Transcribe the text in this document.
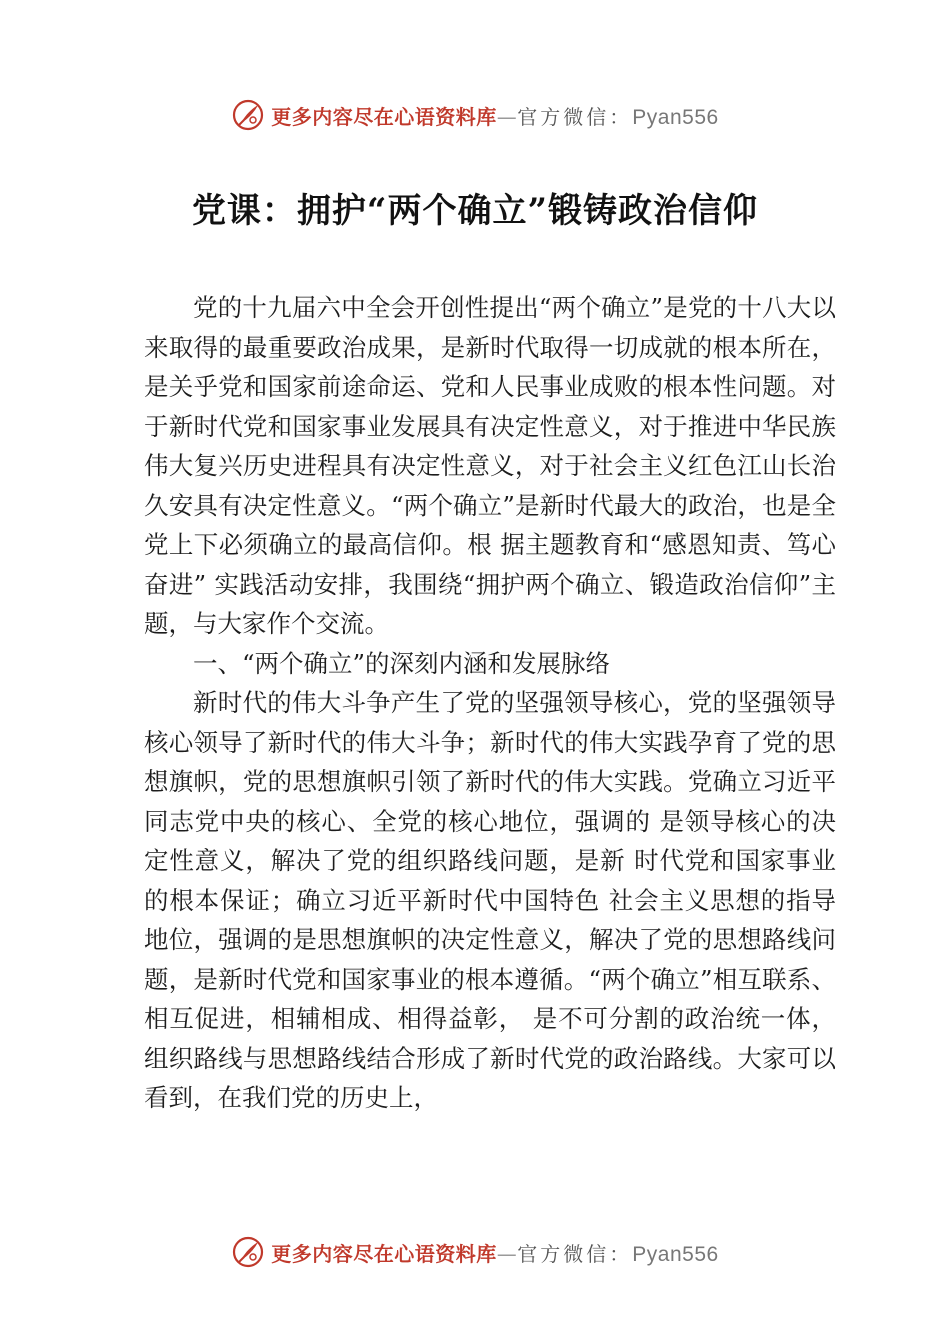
更多内容尽在心语资料库 — 官方微信： Pyan556
党课：拥护“两个确立”锻铸政治信仰

党的十九届六中全会开创性提出“两个确立”是党的十八大以来取得的最重要政治成果，是新时代取得一切成就的根本所在，是关乎党和国家前途命运、党和人民事业成败的根本性问题。对于新时代党和国家事业发展具有决定性意义，对于推进中华民族伟大复兴历史进程具有决定性意义，对于社会主义红色江山长治久安具有决定性意义。“两个确立”是新时代最大的政治，也是全党上下必须确立的最高信仰。根 据主题教育和“感恩知责、笃心奋进” 实践活动安排，我围绕“拥护两个确立、锻造政治信仰”主题，与大家作个交流。

一、“两个确立”的深刻内涵和发展脉络

新时代的伟大斗争产生了党的坚强领导核心，党的坚强领导核心领导了新时代的伟大斗争；新时代的伟大实践孕育了党的思想旗帜，党的思想旗帜引领了新时代的伟大实践。党确立习近平同志党中央的核心、全党的核心地位，强调的 是领导核心的决定性意义，解决了党的组织路线问题，是新 时代党和国家事业的根本保证；确立习近平新时代中国特色 社会主义思想的指导地位，强调的是思想旗帜的决定性意义，解决了党的思想路线问题，是新时代党和国家事业的根本遵循。“两个确立”相互联系、相互促进，相辅相成、相得益彰， 是不可分割的政治统一体，组织路线与思想路线结合形成了新时代党的政治路线。大家可以看到，在我们党的历史上，

更多内容尽在心语资料库 — 官方微信： Pyan556
